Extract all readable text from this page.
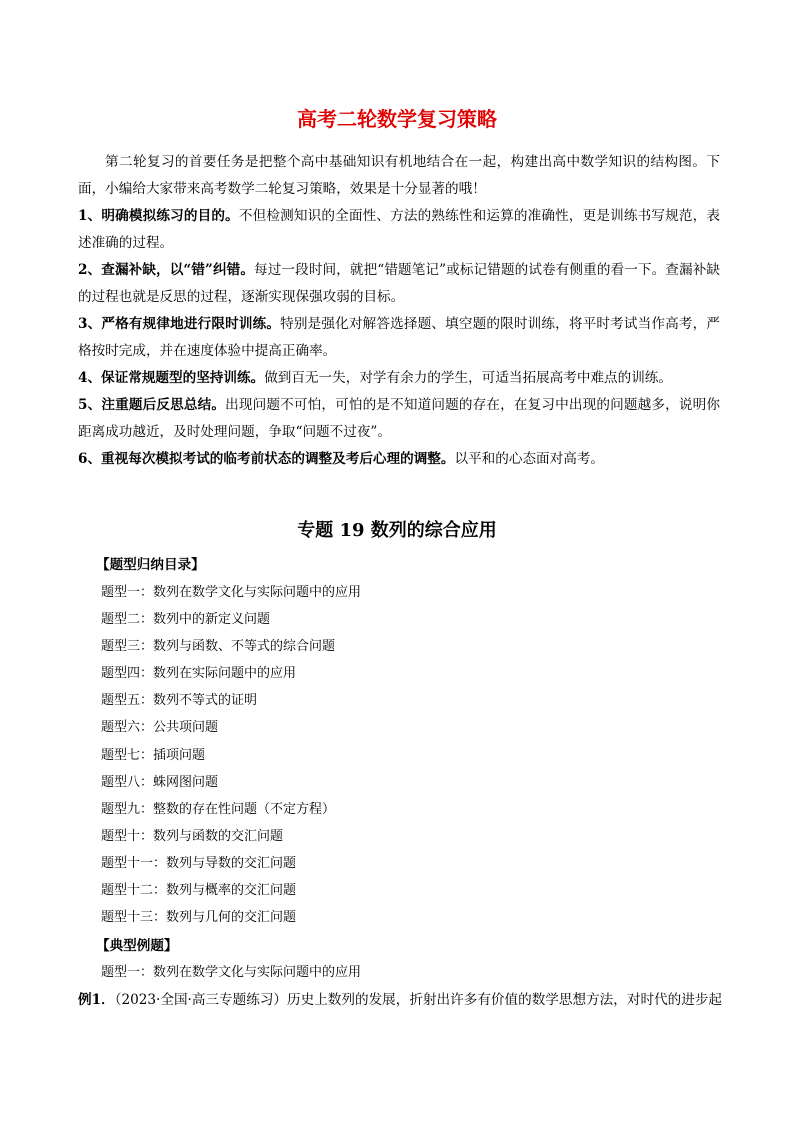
高考二轮数学复习策略
第二轮复习的首要任务是把整个高中基础知识有机地结合在一起，构建出高中数学知识的结构图。下面，小编给大家带来高考数学二轮复习策略，效果是十分显著的哦！
1、明确模拟练习的目的。不但检测知识的全面性、方法的熟练性和运算的准确性，更是训练书写规范，表述准确的过程。
2、查漏补缺，以“错”纠错。每过一段时间，就把“错题笔记”或标记错题的试卷有侧重的看一下。查漏补缺的过程也就是反思的过程，逐渐实现保强攻弱的目标。
3、严格有规律地进行限时训练。特别是强化对解答选择题、填空题的限时训练，将平时考试当作高考，严格按时完成，并在速度体验中提高正确率。
4、保证常规题型的坚持训练。做到百无一失，对学有余力的学生，可适当拓展高考中难点的训练。
5、注重题后反思总结。出现问题不可怕，可怕的是不知道问题的存在，在复习中出现的问题越多，说明你距离成功越近，及时处理问题，争取“问题不过夜”。
6、重视每次模拟考试的临考前状态的调整及考后心理的调整。以平和的心态面对高考。
专题 19 数列的综合应用
【题型归纳目录】
题型一：数列在数学文化与实际问题中的应用
题型二：数列中的新定义问题
题型三：数列与函数、不等式的综合问题
题型四：数列在实际问题中的应用
题型五：数列不等式的证明
题型六：公共项问题
题型七：插项问题
题型八：蛛网图问题
题型九：整数的存在性问题（不定方程）
题型十：数列与函数的交汇问题
题型十一：数列与导数的交汇问题
题型十二：数列与概率的交汇问题
题型十三：数列与几何的交汇问题
【典型例题】
题型一：数列在数学文化与实际问题中的应用
例1．（2023·全国·高三专题练习）历史上数列的发展，折射出许多有价值的数学思想方法，对时代的进步起
